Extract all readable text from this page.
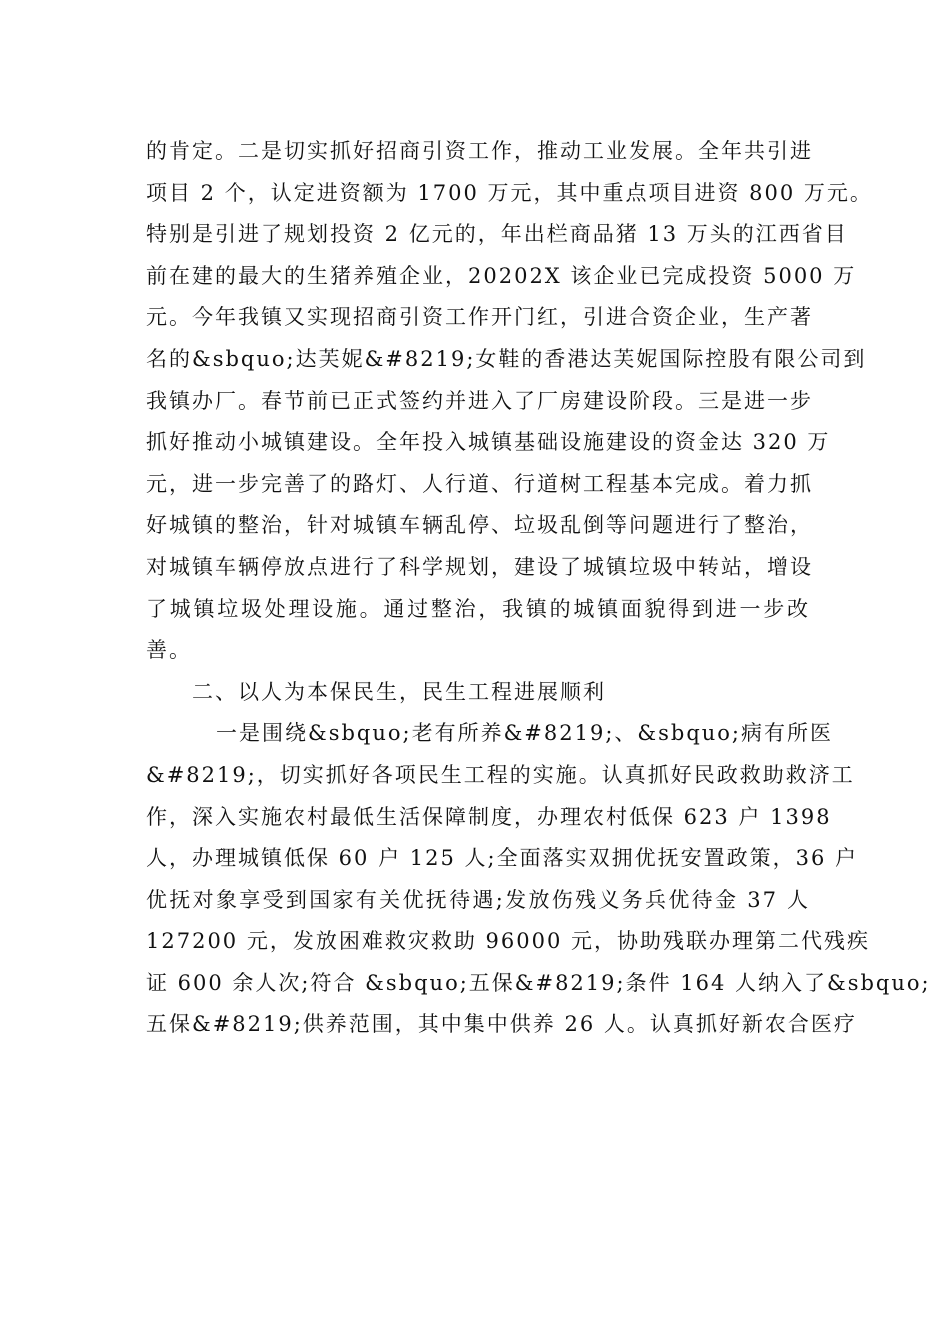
的肯定。二是切实抓好招商引资工作，推动工业发展。全年共引进
项目 2 个，认定进资额为 1700 万元，其中重点项目进资 800 万元。
特别是引进了规划投资 2 亿元的，年出栏商品猪 13 万头的江西省目
前在建的最大的生猪养殖企业，20202X 该企业已完成投资 5000 万
元。今年我镇又实现招商引资工作开门红，引进合资企业，生产著
名的&sbquo;达芙妮&#8219;女鞋的香港达芙妮国际控股有限公司到
我镇办厂。春节前已正式签约并进入了厂房建设阶段。三是进一步
抓好推动小城镇建设。全年投入城镇基础设施建设的资金达 320 万
元，进一步完善了的路灯、人行道、行道树工程基本完成。着力抓
好城镇的整治，针对城镇车辆乱停、垃圾乱倒等问题进行了整治，
对城镇车辆停放点进行了科学规划，建设了城镇垃圾中转站，增设
了城镇垃圾处理设施。通过整治，我镇的城镇面貌得到进一步改
善。
二、以人为本保民生，民生工程进展顺利
一是围绕&sbquo;老有所养&#8219;、&sbquo;病有所医
&#8219;，切实抓好各项民生工程的实施。认真抓好民政救助救济工
作，深入实施农村最低生活保障制度，办理农村低保 623 户 1398
人，办理城镇低保 60 户 125 人;全面落实双拥优抚安置政策，36 户
优抚对象享受到国家有关优抚待遇;发放伤残义务兵优待金 37 人
127200 元，发放困难救灾救助 96000 元，协助残联办理第二代残疾
证 600 余人次;符合 &sbquo;五保&#8219;条件 164 人纳入了&sbquo;
五保&#8219;供养范围，其中集中供养 26 人。认真抓好新农合医疗
